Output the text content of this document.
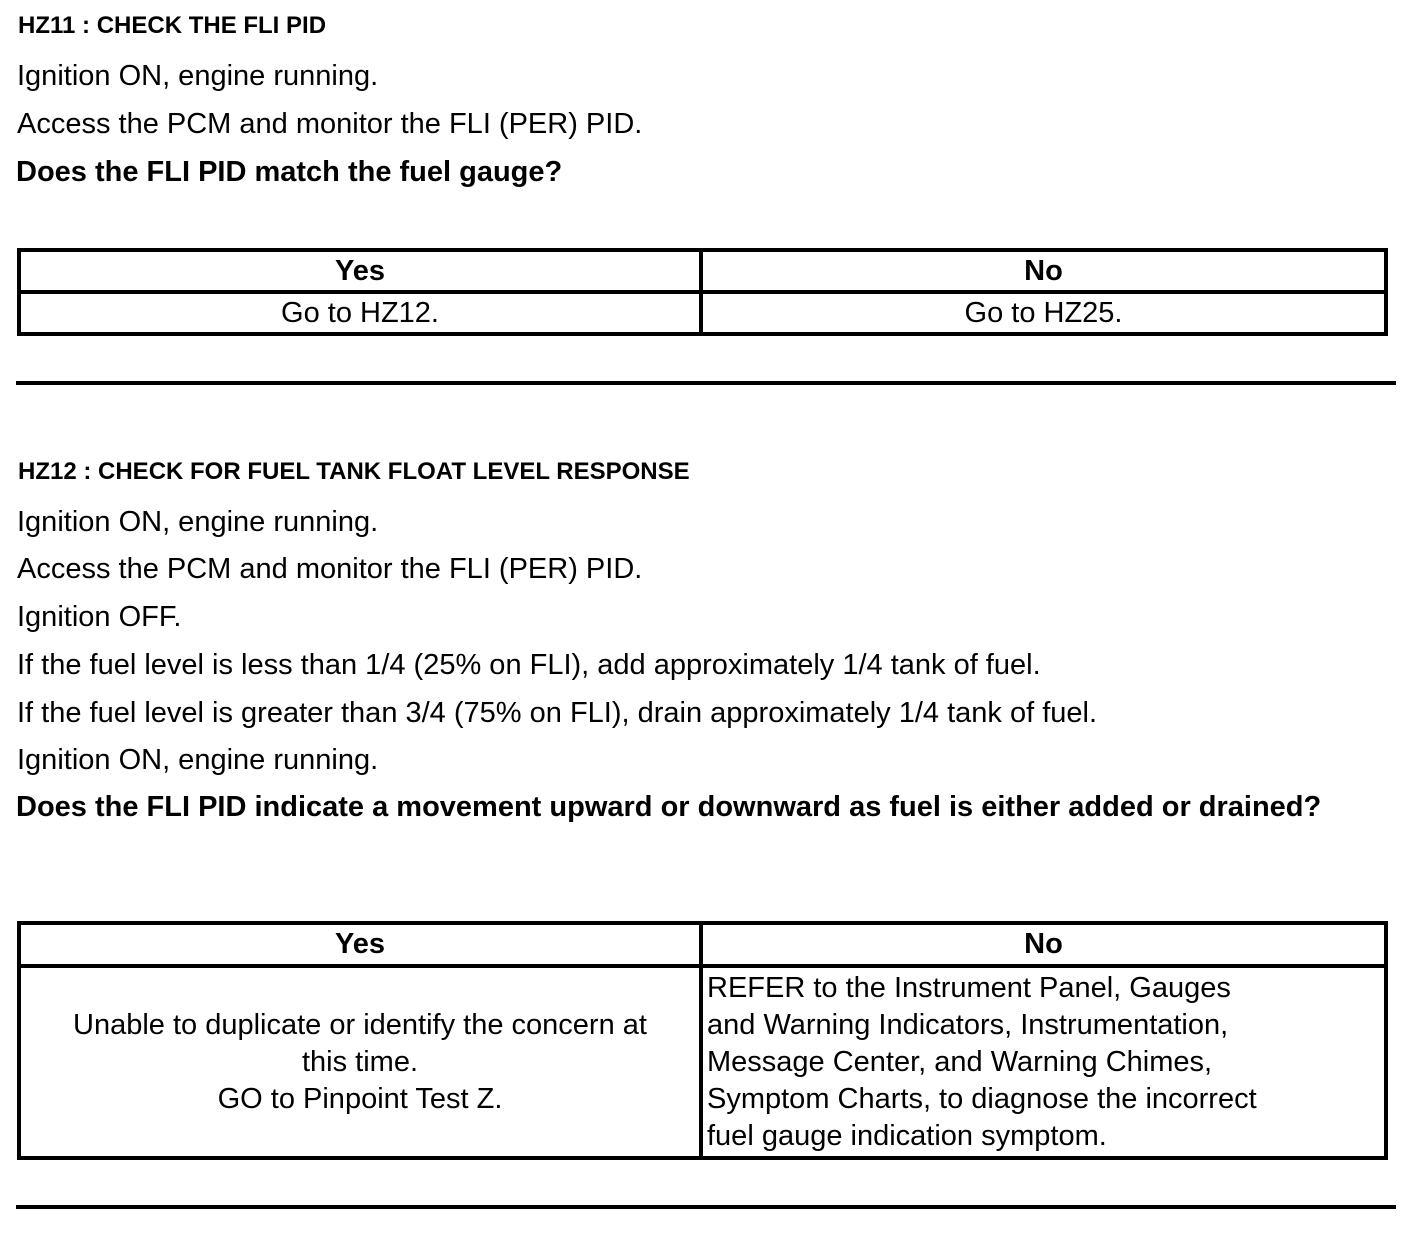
HZ11 : CHECK THE FLI PID
Ignition ON, engine running.
Access the PCM and monitor the FLI (PER) PID.
Does the FLI PID match the fuel gauge?
Yes	No
Go to HZ12.	Go to HZ25.
HZ12 : CHECK FOR FUEL TANK FLOAT LEVEL RESPONSE
Ignition ON, engine running.
Access the PCM and monitor the FLI (PER) PID.
Ignition OFF.
If the fuel level is less than 1/4 (25% on FLI), add approximately 1/4 tank of fuel.
If the fuel level is greater than 3/4 (75% on FLI), drain approximately 1/4 tank of fuel.
Ignition ON, engine running.
Does the FLI PID indicate a movement upward or downward as fuel is either added or drained?
Yes	No
Unable to duplicate or identify the concern at
this time.
GO to Pinpoint Test Z.	REFER to the Instrument Panel, Gauges
and Warning Indicators, Instrumentation,
Message Center, and Warning Chimes,
Symptom Charts, to diagnose the incorrect
fuel gauge indication symptom.
